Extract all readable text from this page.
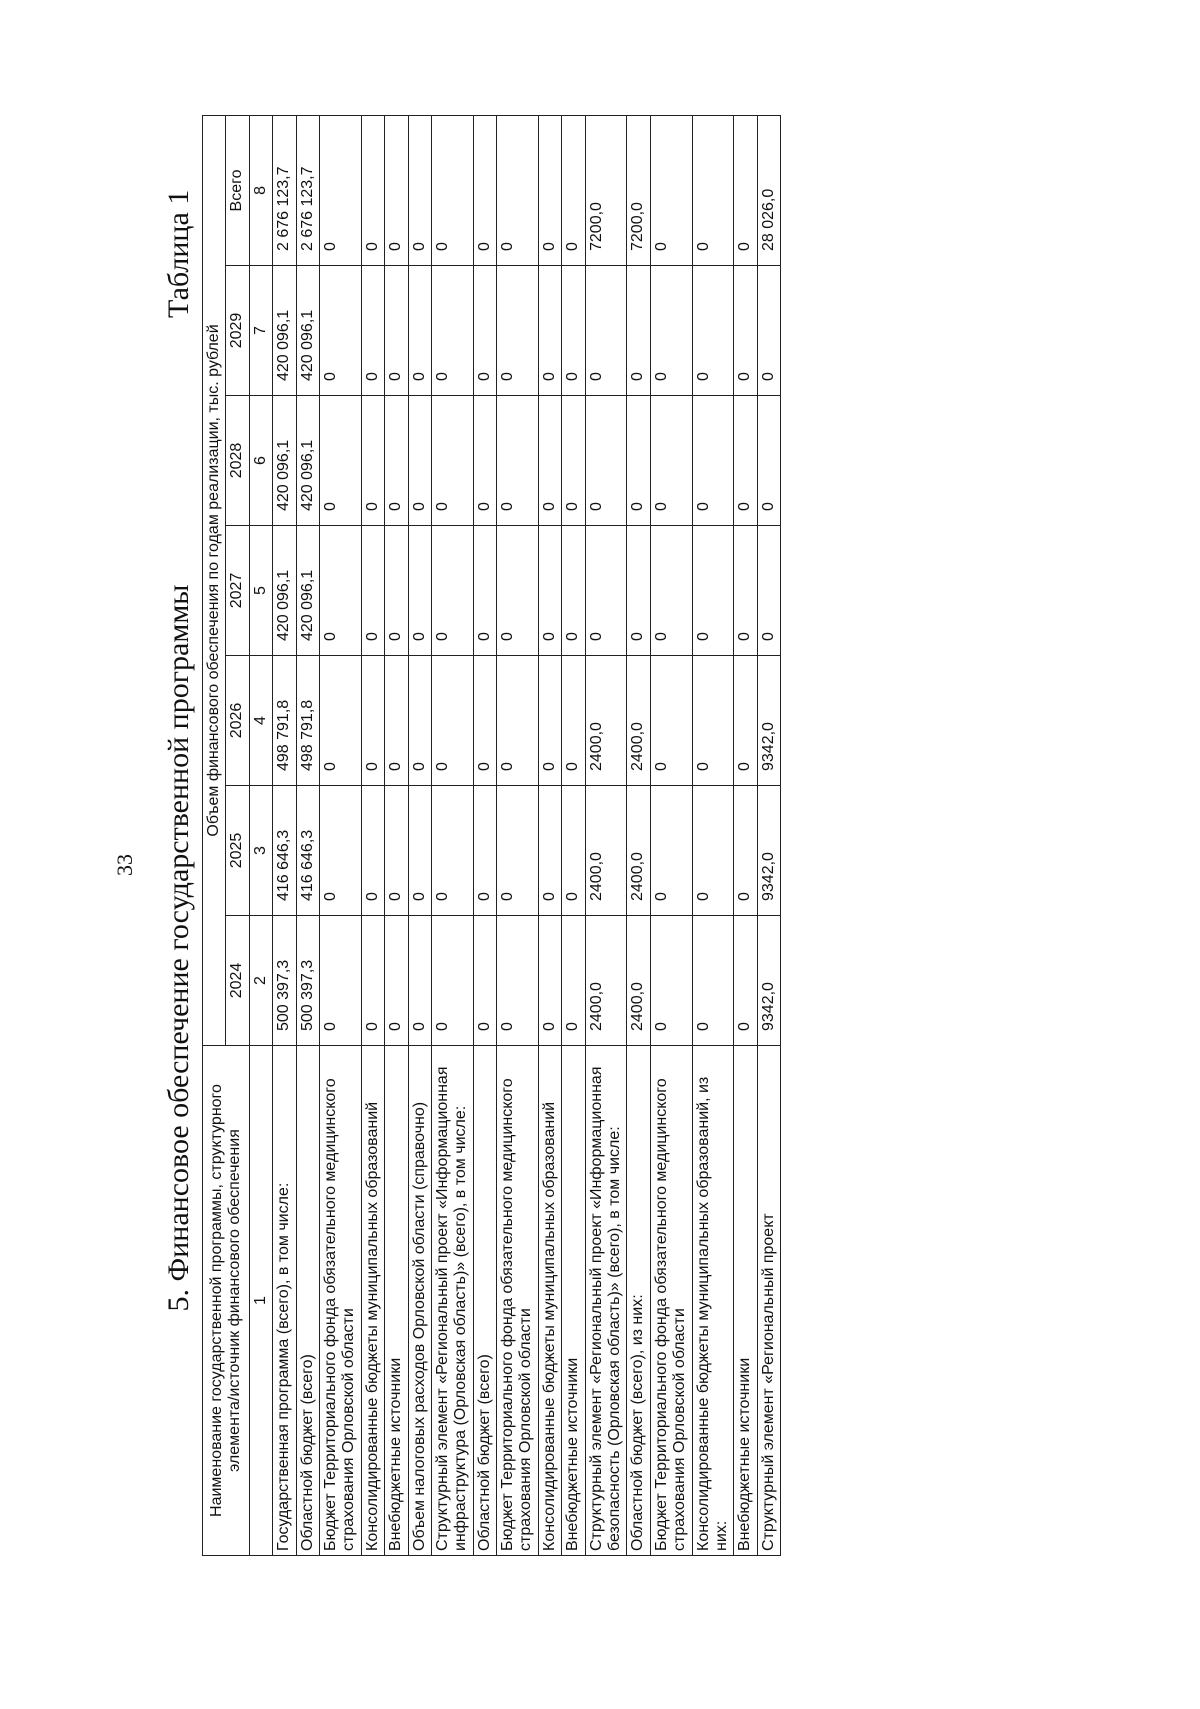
33 5. Финансовое обеспечение государственной программы
Таблица 1
Наименование государственной программы, структурного элемента/источник финансового обеспечения	Объем финансового обеспечения по годам реализации, тыс. рублей						
	2024	2025	2026	2027	2028	2029	Всего
1	2	3	4	5	6	7	8
Государственная программа (всего), в том числе:	500 397,3	416 646,3	498 791,8	420 096,1	420 096,1	420 096,1	2 676 123,7
Областной бюджет (всего)	500 397,3	416 646,3	498 791,8	420 096,1	420 096,1	420 096,1	2 676 123,7
Бюджет Территориального фонда обязательного медицинского страхования Орловской области	0	0	0	0	0	0	0
Консолидированные бюджеты муниципальных образований	0	0	0	0	0	0	0
Внебюджетные источники	0	0	0	0	0	0	0
Объем налоговых расходов Орловской области (справочно)	0	0	0	0	0	0	0
Структурный элемент «Региональный проект «Информационная инфраструктура (Орловская область)» (всего), в том числе:	0	0	0	0	0	0	0
Областной бюджет (всего)	0	0	0	0	0	0	0
Бюджет Территориального фонда обязательного медицинского страхования Орловской области	0	0	0	0	0	0	0
Консолидированные бюджеты муниципальных образований	0	0	0	0	0	0	0
Внебюджетные источники	0	0	0	0	0	0	0
Структурный элемент «Региональный проект «Информационная безопасность (Орловская область)» (всего), в том числе:	2400,0	2400,0	2400,0	0	0	0	7200,0
Областной бюджет (всего), из них:	2400,0	2400,0	2400,0	0	0	0	7200,0
Бюджет Территориального фонда обязательного медицинского страхования Орловской области	0	0	0	0	0	0	0
Консолидированные бюджеты муниципальных образований, из них:	0	0	0	0	0	0	0
Внебюджетные источники	0	0	0	0	0	0	0
Структурный элемент «Региональный проект	9342,0	9342,0	9342,0	0	0	0	28 026,0
